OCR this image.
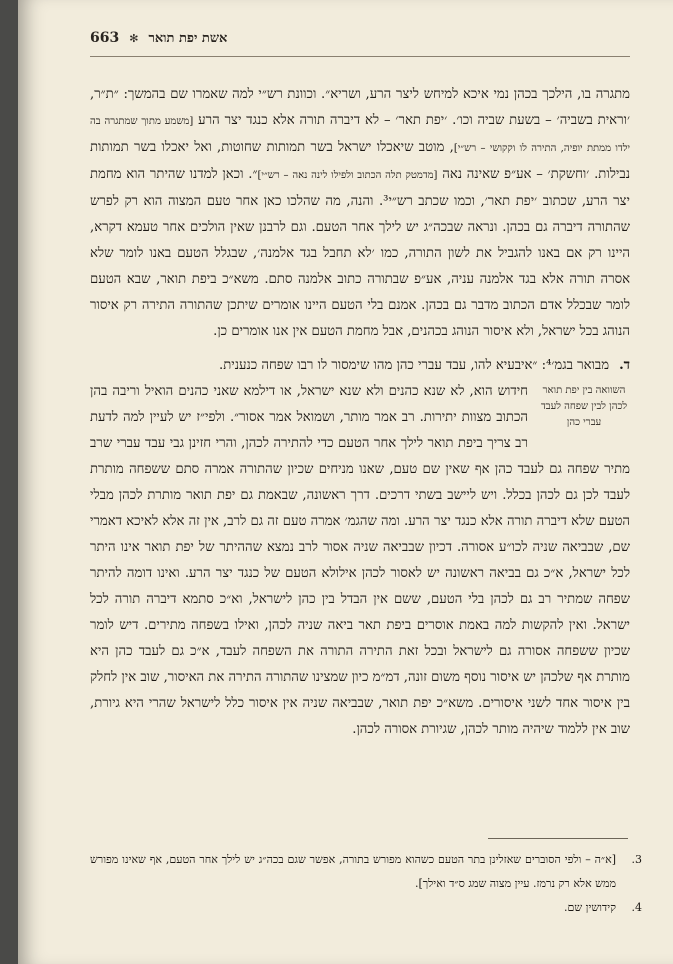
663 ✻ אשת יפת תואר

מתגרה בו, הילכך בכהן נמי איכא למיחש ליצר הרע, ושריא״. וכוונת רש״י למה שאמרו שם בהמשך: ״ת״ר, ׳וראית בשביה׳ – בשעת שביה וכו׳. ׳יפת תאר׳ – לא דיברה תורה אלא כנגד יצר הרע [משמע מתוך שמתגרה בה ילדו ממתת יופיה, התירה לו וקקושי – רש״י], מוטב שיאכלו ישראל בשר תמותות שחוטות, ואל יאכלו בשר תמותות נבילות. ׳וחשקת׳ – אע״פ שאינה נאה [מדמטק תלה הכתוב ולפילו לינה נאה – רש״י]״. וכאן למדנו שהיתר הוא מחמת יצר הרע, שכתוב ׳יפת תאר׳, וכמו שכתב רש״י³. והנה, מה שהלכו כאן אחר טעם המצוה הוא רק לפרש שהתורה דיברה גם בכהן. ונראה שבכה״ג יש לילך אחר הטעם. וגם לרבנן שאין הולכים אחר טעמא דקרא, היינו רק אם באנו להגביל את לשון התורה, כמו ׳לא תחבל בגד אלמנה׳, שבגלל הטעם באנו לומר שלא אסרה תורה אלא בגד אלמנה עניה, אע״פ שבתורה כתוב אלמנה סתם. משא״כ ביפת תואר, שבא הטעם לומר שבכלל אדם הכתוב מדבר גם בכהן. אמנם בלי הטעם היינו אומרים שיתכן שהתורה התירה רק איסור הנוהג בכל ישראל, ולא איסור הנוהג בכהנים, אבל מחמת הטעם אין אנו אומרים כן.

ד.מבואר בגמ׳⁴: ״איבעיא להו, עבד עברי כהן מהו שימסור לו רבו שפחה כנענית.

השוואה בין יפת תואר לכהן לבין שפחה לעבד עברי כהן
חידוש הוא, לא שנא כהנים ולא שנא ישראל, או דילמא שאני כהנים הואיל וריבה בהן הכתוב מצוות יתירות. רב אמר מותר, ושמואל אמר אסור״. ולפי״ז יש לעיין למה לדעת רב צריך ביפת תואר לילך אחר הטעם כדי להתירה לכהן, והרי חזינן גבי עבד עברי שרב מתיר שפחה גם לעבד כהן אף שאין שם טעם, שאנו מניחים שכיון שהתורה אמרה סתם ששפחה מותרת לעבד לכן גם לכהן בכלל. ויש ליישב בשתי דרכים. דרך ראשונה, שבאמת גם יפת תואר מותרת לכהן מבלי הטעם שלא דיברה תורה אלא כנגד יצר הרע. ומה שהגמ׳ אמרה טעם זה גם לרב, אין זה אלא לאיכא דאמרי שם, שבביאה שניה לכו״ע אסורה. דכיון שבביאה שניה אסור לרב נמצא שההיתר של יפת תואר אינו היתר לכל ישראל, א״כ גם בביאה ראשונה יש לאסור לכהן אילולא הטעם של כנגד יצר הרע. ואינו דומה להיתר שפחה שמתיר רב גם לכהן בלי הטעם, ששם אין הבדל בין כהן לישראל, וא״כ סתמא דיברה תורה לכל ישראל. ואין להקשות למה באמת אוסרים ביפת תאר ביאה שניה לכהן, ואילו בשפחה מתירים. דיש לומר שכיון ששפחה אסורה גם לישראל ובכל זאת התירה התורה את השפחה לעבד, א״כ גם לעבד כהן היא מותרת אף שלכהן יש איסור נוסף משום זונה, דמ״מ כיון שמצינו שהתורה התירה את האיסור, שוב אין לחלק בין איסור אחד לשני איסורים. משא״כ יפת תואר, שבביאה שניה אין איסור כלל לישראל שהרי היא גיורת, שוב אין ללמוד שיהיה מותר לכהן, שגיורת אסורה לכהן.

3.
[א״ה – ולפי הסוברים שאזלינן בתר הטעם כשהוא מפורש בתורה, אפשר שגם בכה״ג יש לילך אחר הטעם, אף שאינו מפורש ממש אלא רק נרמז. עיין מצוה שמג ס״ד ואילך].
4.
קידושין שם.
